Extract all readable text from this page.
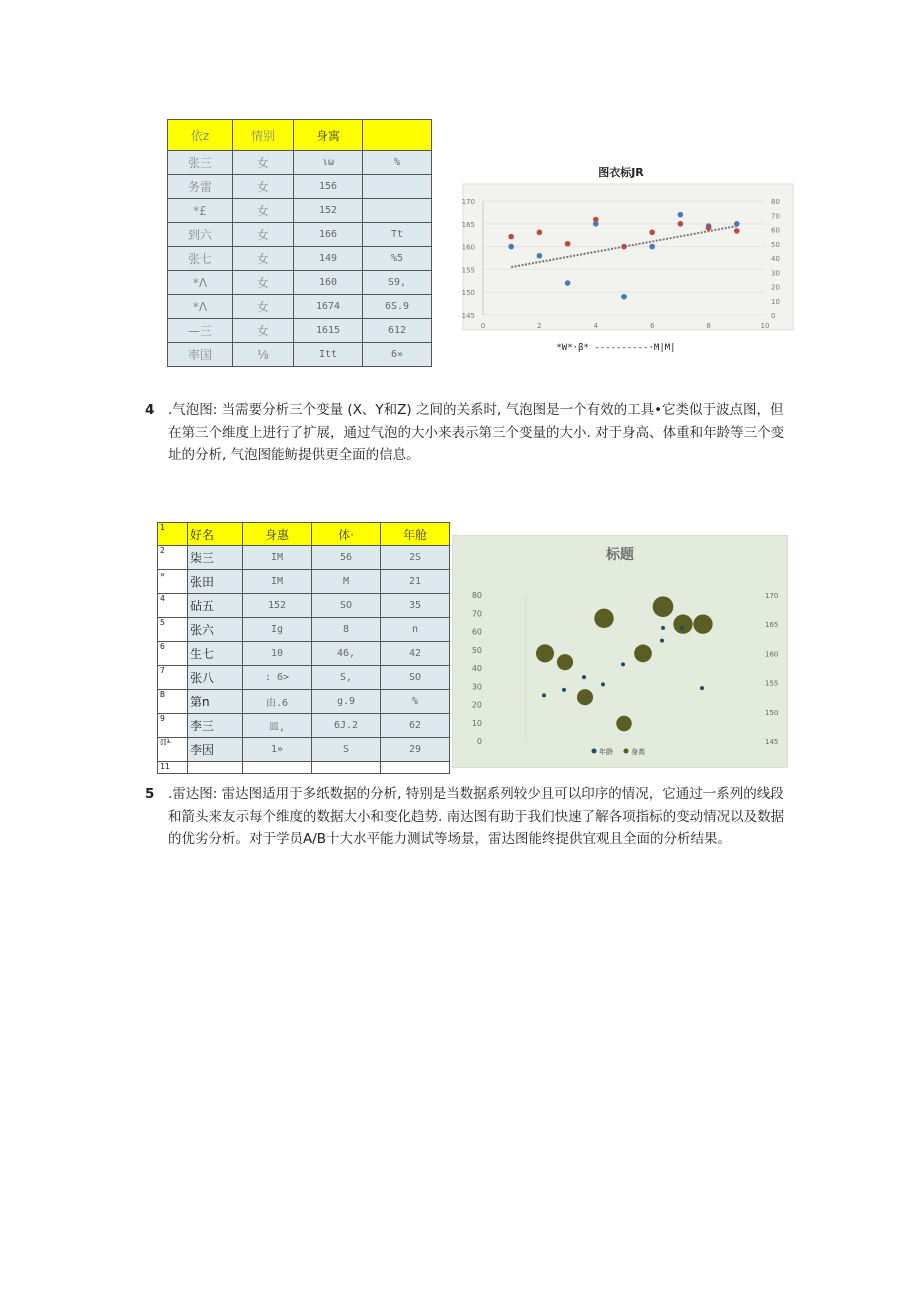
依z	情别	身寓	
张三	女	ιω	%
务雷	女	156	
*£	女	152	
到六	女	166	Tt
张七	女	149	%5
*Λ	女	160	S9,
*Λ	女	1674	6S.9
—三	女	1615	612
率国	⅛	Itt	6»
图衣标JR
145
150
155
160
165
170
0
10
20
30
40
50
60
70
80
0	2	4	6	8	10
*W*·β* ----------·M|M|
4	.气泡图: 当需要分析三个变量 (X、Y和Z) 之间的关系时, 气泡图是一个有效的工具•它类似于波点图，但在第三个维度上进行了扩展，通过气泡的大小来表示第三个变量的大小. 对于身高、体重和年龄等三个变址的分析, 气泡图能鲂提供更全面的信息。
1	好名	身惠	体·	年舱
2	柒三	IM	56	2S
»	张田	IM	M	21
4	砧五	152	SO	35
5	张六	Ig	8	n
6	生七	10	46,	42
7	张八	: 6>	S,	SO
B	第n	由.6	g.9	%
9	李三	皿,	6J.2	62
ℿ⅟	李因	1»	S	29
11				
标题
0
10
20
30
40
50
60
70
80
145
150
155
160
165
170
年龄	身高
5	.雷达图: 雷达图适用于多纸数据的分析, 特别是当数据系列较少且可以印序的情况，它通过一系列的线段和箭头来友示每个维度的数据大小和变化趋势. 南达图有助于我们快速了解各项指标的变动情况以及数据的优劣分析。对于学员A/B十大水平能力测试等场景，雷达图能终提供宜观且全面的分析结果。
